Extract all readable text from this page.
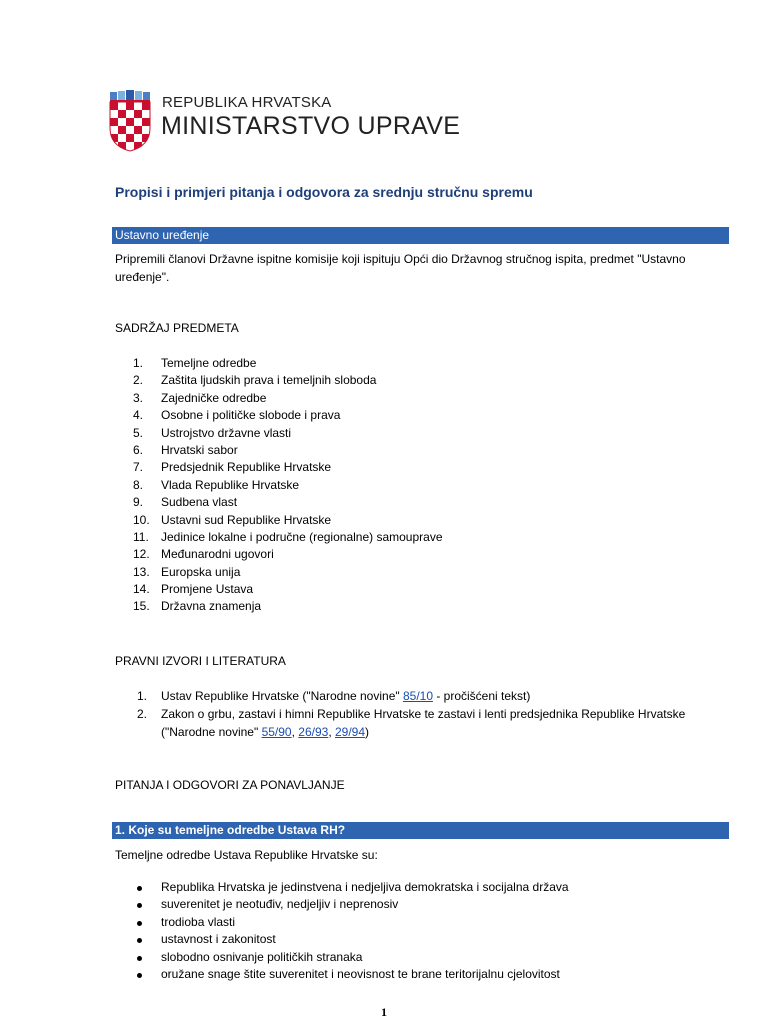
REPUBLIKA HRVATSKA
MINISTARSTVO UPRAVE
Propisi i primjeri pitanja i odgovora za srednju stručnu spremu
Ustavno uređenje
Pripremili članovi Državne ispitne komisije koji ispituju Opći dio Državnog stručnog ispita, predmet "Ustavno uređenje".
SADRŽAJ PREDMETA
1.	Temeljne odredbe
2.	Zaštita ljudskih prava i temeljnih sloboda
3.	Zajedničke odredbe
4.	Osobne i političke slobode i prava
5.	Ustrojstvo državne vlasti
6.	Hrvatski sabor
7.	Predsjednik Republike Hrvatske
8.	Vlada Republike Hrvatske
9.	Sudbena vlast
10. Ustavni sud Republike Hrvatske
11.	Jedinice lokalne i područne (regionalne) samouprave
12. Međunarodni ugovori
13. Europska unija
14. Promjene Ustava
15. Državna znamenja
PRAVNI IZVORI I LITERATURA
1. Ustav Republike Hrvatske ("Narodne novine" 85/10 - pročišćeni tekst)
2. Zakon o grbu, zastavi i himni Republike Hrvatske te zastavi i lenti predsjednika Republike Hrvatske ("Narodne novine" 55/90, 26/93, 29/94)
PITANJA I ODGOVORI ZA PONAVLJANJE
1. Koje su temeljne odredbe Ustava RH?
Temeljne odredbe Ustava Republike Hrvatske su:
Republika Hrvatska je jedinstvena i nedjeljiva demokratska i socijalna država
suverenitet je neotuđiv, nedjeljiv i neprenosiv
trodioba vlasti
ustavnost i zakonitost
slobodno osnivanje političkih stranaka
oružane snage štite suverenitet i neovisnost te brane teritorijalnu cjelovitost
1
